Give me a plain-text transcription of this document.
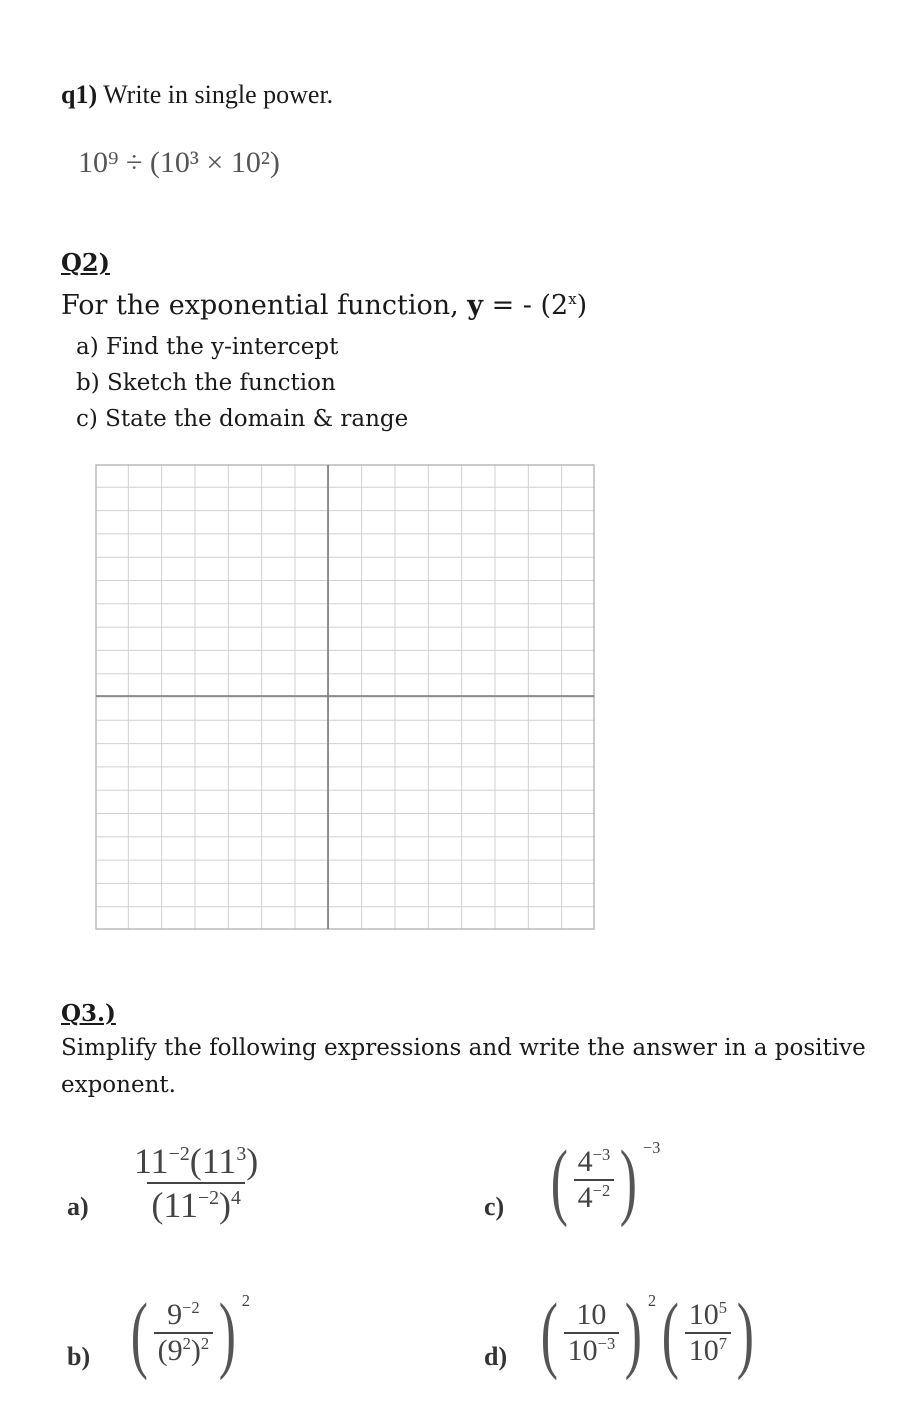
q1) Write in single power.
10⁹ ÷ (10³ × 10²)
Q2)
For the exponential function, y = - (2$^x$)
a) Find the y-intercept
b) Sketch the function
c) State the domain & range
Q3.)
Simplify the following expressions and write the answer in a positive
exponent.
$a) \frac{11^{-2}(11^3)}{(11^{-2})^4}$	c) ( $\frac{4^{-3}}{4^{-2}}$ ) $^{-3}$
b) ( $\frac{9^{-2}}{(9^2)^2}$ ) $^2$
d) ( $\frac{10}{10^{-3}}$ ) $^2( \frac{10^5}{10^7}$ )
